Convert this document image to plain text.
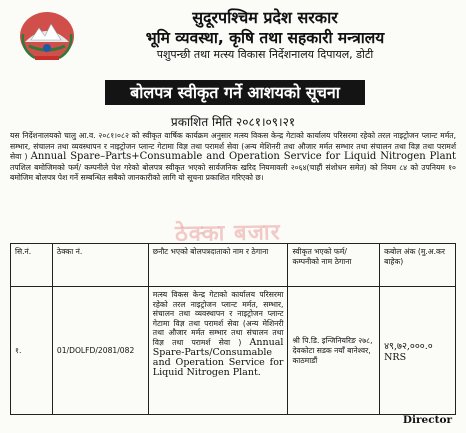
सुदूरपश्चिम प्रदेश सरकार
भूमि व्यवस्था, कृषि तथा सहकारी मन्त्रालय
पशुपन्छी तथा मत्स्य विकास निर्देशनालय दिपायल, डोटी
बोलपत्र स्वीकृत गर्ने आशयको सूचना
प्रकाशित मिति २०८१।०९।२१
यस निर्देशनालयको चालु आ.व. २०८१।०८२ को स्वीकृत वार्षिक कार्यक्रम अनुसार मत्स्य विकस केन्द्र गेटाको कार्यालय परिसरमा रहेको तरल नाइट्रोजन प्लान्ट मर्मत, सम्भार, संचालन तथा व्यवस्थापन र नाइट्रोजन प्लान्ट गेटामा विज्ञ तथा परामर्श सेवा (अन्य मेशिनरी तथा औजार मर्मत सम्भार तथा संचालन तथा विज्ञ तथा परामर्श सेवा ) Annual Spare–Parts+Consumable and Operation Service for Liquid Nitrogen Plant तपशिल बमोजिमको फर्म/ कम्पनीले पेश गरेको बोलपत्र स्वीकृत भएको सार्वजनिक खरिद नियमावली २०६४(चाहौं संशोधन समेत) को नियम ८४ को उपनियम १० बमोजिम बोलपत्र पेश गर्ने सम्बन्धित सबैको जानकारीको लागि यो सूचना प्रकाशित गरिएको छ।
ठेक्का बजार
सि.नं.	ठेक्का नं.	छनौट भएको बोलपत्रदाताको नाम र ठेगाना	स्वीकृत भएको फर्म/ कम्पनीको नाम ठेगाना	कबोल अंक (मु.अ.कर बाहेक)
१.	01/DOLFD/2081/082	मत्स्य विकस केन्द्र गेटाको कार्यालय परिसरमा रहेको तरल नाइट्रोजन प्लान्ट मर्मत, सम्भार, संचालन तथा व्यवस्थापन र नाइट्रोजन प्लान्ट गेटामा विज्ञ तथा परामर्श सेवा (अन्य मेशिनरी तथा औजार मर्मत सम्भार तथा संचालन तथा विज्ञ तथा परामर्श सेवा ) Annual Spare-Parts/Consumable and Operation Service for Liquid Nitrogen Plant.	श्री पि.डि. इन्जिनियरिङ २७८, देवकोटा सडक नयाँ बानेश्वर, काठमाडौं	४९,७२,०००.०
NRS
Director
